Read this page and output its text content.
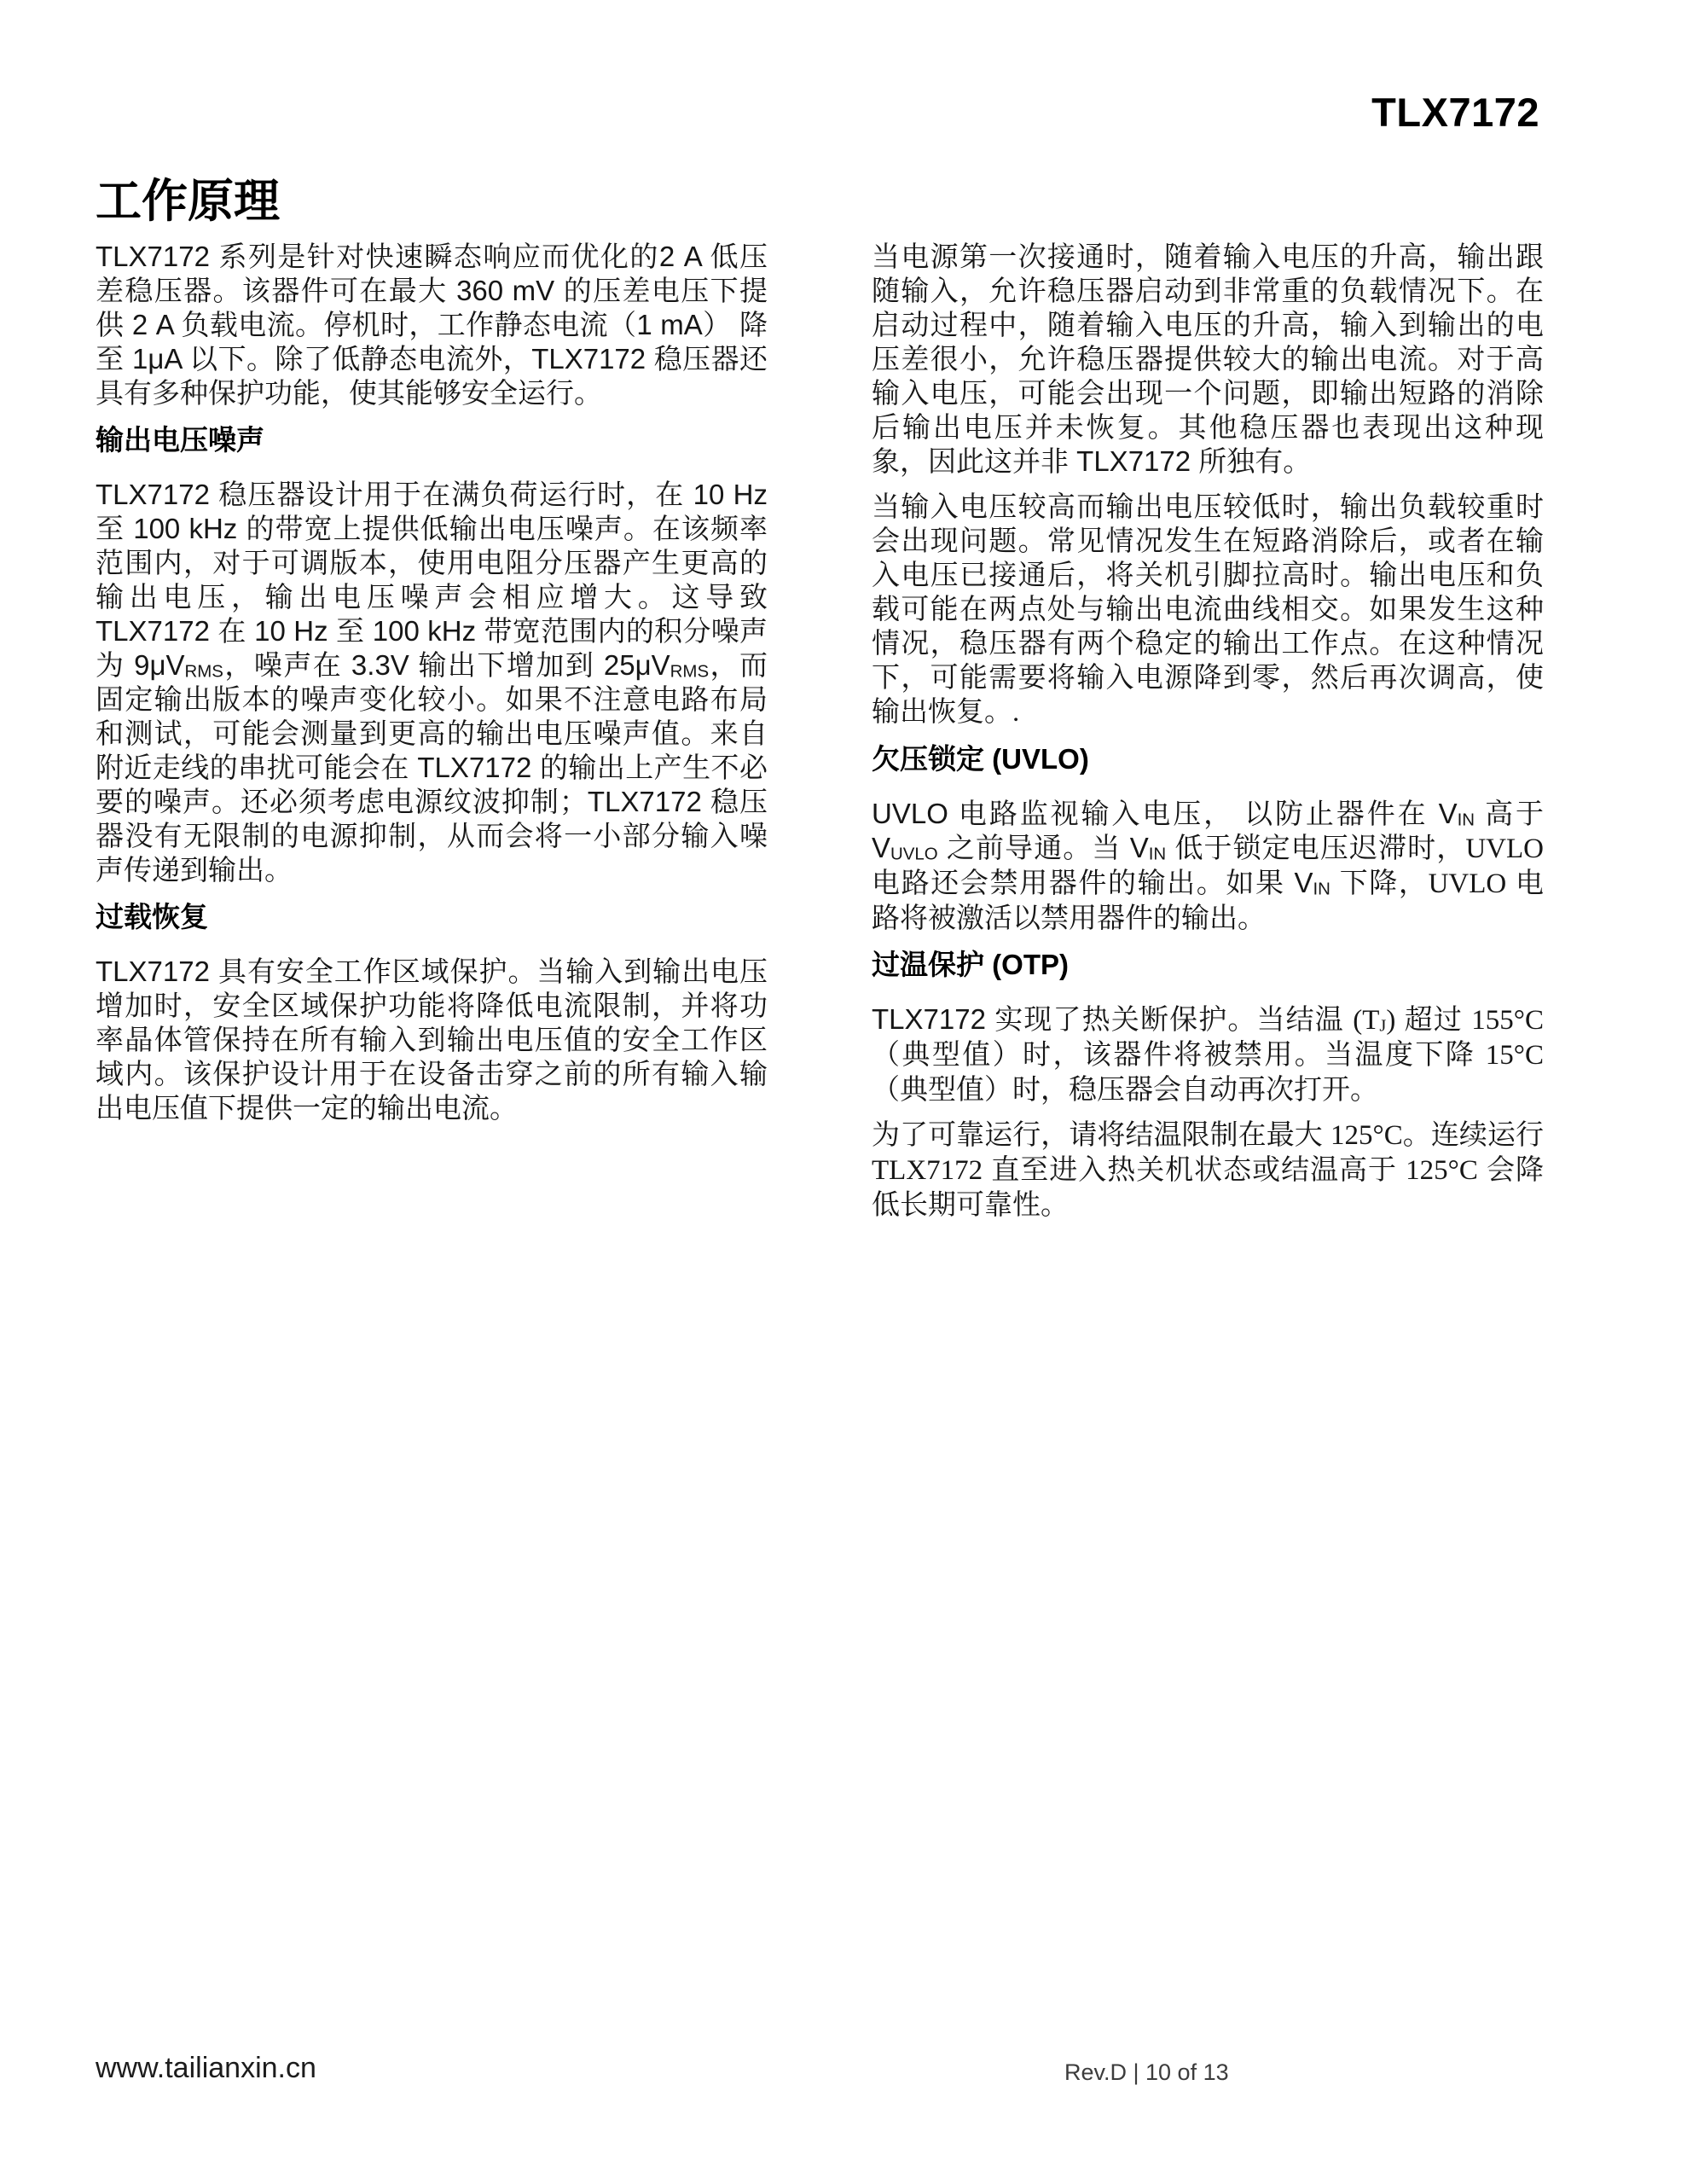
TLX7172
工作原理

TLX7172 系列是针对快速瞬态响应而优化的2 A 低压差稳压器。该器件可在最大 360 mV 的压差电压下提供 2 A 负载电流。停机时，工作静态电流（1 mA） 降至 1μA 以下。除了低静态电流外，TLX7172 稳压器还具有多种保护功能，使其能够安全运行。

输出电压噪声

TLX7172 稳压器设计用于在满负荷运行时，在 10 Hz 至 100 kHz 的带宽上提供低输出电压噪声。在该频率范围内，对于可调版本，使用电阻分压器产生更高的输出电压，输出电压噪声会相应增大。这导致 TLX7172 在 10 Hz 至 100 kHz 带宽范围内的积分噪声为 $9\mu V_{RMS}$，噪声在 3.3V 输出下增加到 $25\mu V_{RMS}$，而固定输出版本的噪声变化较小。如果不注意电路布局和测试，可能会测量到更高的输出电压噪声值。来自附近走线的串扰可能会在 TLX7172 的输出上产生不必要的噪声。还必须考虑电源纹波抑制；TLX7172 稳压器没有无限制的电源抑制，从而会将一小部分输入噪声传递到输出。

过载恢复

TLX7172 具有安全工作区域保护。当输入到输出电压增加时，安全区域保护功能将降低电流限制，并将功率晶体管保持在所有输入到输出电压值的安全工作区域内。该保护设计用于在设备击穿之前的所有输入输出电压值下提供一定的输出电流。

当电源第一次接通时，随着输入电压的升高，输出跟随输入，允许稳压器启动到非常重的负载情况下。在启动过程中，随着输入电压的升高，输入到输出的电压差很小，允许稳压器提供较大的输出电流。对于高输入电压，可能会出现一个问题，即输出短路的消除后输出电压并未恢复。其他稳压器也表现出这种现象，因此这并非 TLX7172 所独有。

当输入电压较高而输出电压较低时，输出负载较重时会出现问题。常见情况发生在短路消除后，或者在输入电压已接通后，将关机引脚拉高时。输出电压和负载可能在两点处与输出电流曲线相交。如果发生这种情况，稳压器有两个稳定的输出工作点。在这种情况下，可能需要将输入电源降到零，然后再次调高，使输出恢复。.

欠压锁定 (UVLO)

UVLO 电路监视输入电压， 以防止器件在 $V_{IN}$ 高于 $V_{UVLO}$ 之前导通。当 $V_{IN}$ 低于锁定电压迟滞时，UVLO 电路还会禁用器件的输出。如果 $V_{IN}$ 下降，UVLO 电路将被激活以禁用器件的输出。

过温保护 (OTP)

TLX7172 实现了热关断保护。当结温 $(T_J)$ 超过 155°C（典型值）时，该器件将被禁用。当温度下降 15°C（典型值）时，稳压器会自动再次打开。

为了可靠运行，请将结温限制在最大 125°C。连续运行 TLX7172 直至进入热关机状态或结温高于 125°C 会降低长期可靠性。

www.tailianxin.cn	Rev.D | 10 of 13
